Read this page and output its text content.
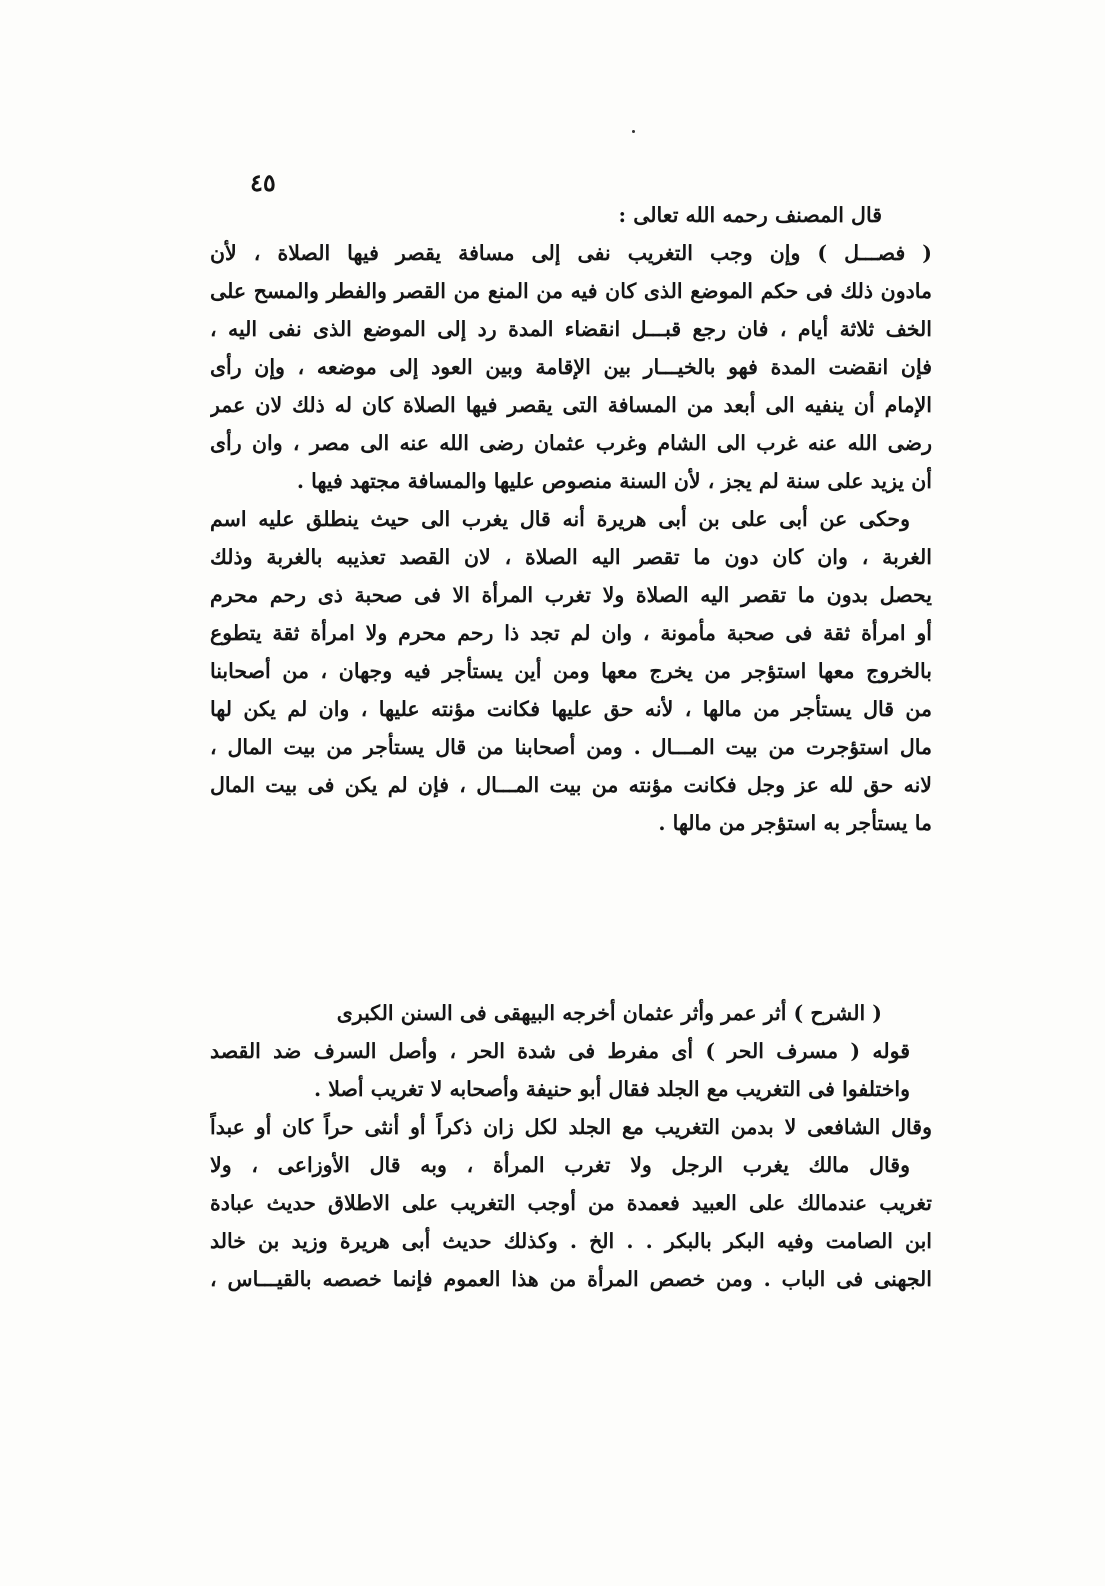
٤٥
قال المصنف رحمه الله تعالى :
( فصـــل ) وإن وجب التغريب نفى إلى مسافة يقصر فيها الصلاة ، لأن
مادون ذلك فى حكم الموضع الذى كان فيه من المنع من القصر والفطر والمسح على
الخف ثلاثة أيام ، فان رجع قبـــل انقضاء المدة رد إلى الموضع الذى نفى اليه ،
فإن انقضت المدة فهو بالخيـــار بين الإقامة وبين العود إلى موضعه ، وإن رأى
الإمام أن ينفيه الى أبعد من المسافة التى يقصر فيها الصلاة كان له ذلك لان عمر
رضى الله عنه غرب الى الشام وغرب عثمان رضى الله عنه الى مصر ، وان رأى
أن يزيد على سنة لم يجز ، لأن السنة منصوص عليها والمسافة مجتهد فيها .
وحكى عن أبى على بن أبى هريرة أنه قال يغرب الى حيث ينطلق عليه اسم
الغربة ، وان كان دون ما تقصر اليه الصلاة ، لان القصد تعذيبه بالغربة وذلك
يحصل بدون ما تقصر اليه الصلاة ولا تغرب المرأة الا فى صحبة ذى رحم محرم
أو امرأة ثقة فى صحبة مأمونة ، وان لم تجد ذا رحم محرم ولا امرأة ثقة يتطوع
بالخروج معها استؤجر من يخرج معها ومن أين يستأجر فيه وجهان ، من أصحابنا
من قال يستأجر من مالها ، لأنه حق عليها فكانت مؤنته عليها ، وان لم يكن لها
مال استؤجرت من بيت المـــال . ومن أصحابنا من قال يستأجر من بيت المال ،
لانه حق لله عز وجل فكانت مؤنته من بيت المـــال ، فإن لم يكن فى بيت المال
ما يستأجر به استؤجر من مالها .
( الشرح ) أثر عمر وأثر عثمان أخرجه البيهقى فى السنن الكبرى
قوله ( مسرف الحر ) أى مفرط فى شدة الحر ، وأصل السرف ضد القصد
واختلفوا فى التغريب مع الجلد فقال أبو حنيفة وأصحابه لا تغريب أصلا .
وقال الشافعى لا بدمن التغريب مع الجلد لكل زان ذكراً أو أنثى حراً كان أو عبداً
وقال مالك يغرب الرجل ولا تغرب المرأة ، وبه قال الأوزاعى ، ولا
تغريب عندمالك على العبيد فعمدة من أوجب التغريب على الاطلاق حديث عبادة
ابن الصامت وفيه البكر بالبكر . . الخ . وكذلك حديث أبى هريرة وزيد بن خالد
الجهنى فى الباب . ومن خصص المرأة من هذا العموم فإنما خصصه بالقيـــاس ،
